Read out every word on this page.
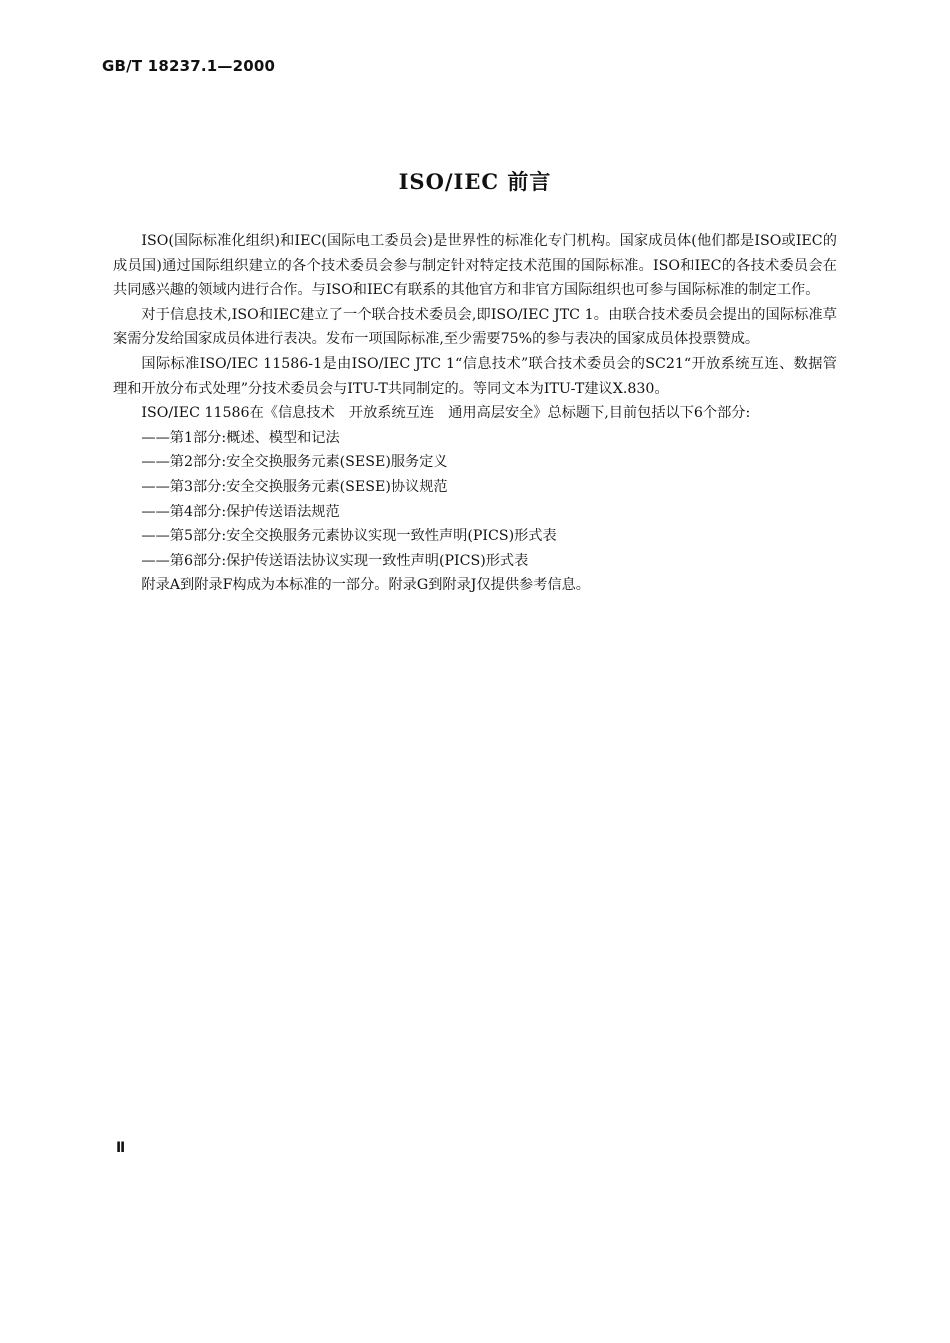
GB/T 18237.1—2000
ISO/IEC 前言

ISO(国际标准化组织)和IEC(国际电工委员会)是世界性的标准化专门机构。国家成员体(他们都是ISO或IEC的成员国)通过国际组织建立的各个技术委员会参与制定针对特定技术范围的国际标准。ISO和IEC的各技术委员会在共同感兴趣的领域内进行合作。与ISO和IEC有联系的其他官方和非官方国际组织也可参与国际标准的制定工作。

对于信息技术,ISO和IEC建立了一个联合技术委员会,即ISO/IEC JTC 1。由联合技术委员会提出的国际标准草案需分发给国家成员体进行表决。发布一项国际标准,至少需要75%的参与表决的国家成员体投票赞成。

国际标准ISO/IEC 11586-1是由ISO/IEC JTC 1“信息技术”联合技术委员会的SC21“开放系统互连、数据管理和开放分布式处理”分技术委员会与ITU-T共同制定的。等同文本为ITU-T建议X.830。

ISO/IEC 11586在《信息技术　开放系统互连　通用高层安全》总标题下,目前包括以下6个部分:

——第1部分:概述、模型和记法

——第2部分:安全交换服务元素(SESE)服务定义

——第3部分:安全交换服务元素(SESE)协议规范

——第4部分:保护传送语法规范

——第5部分:安全交换服务元素协议实现一致性声明(PICS)形式表

——第6部分:保护传送语法协议实现一致性声明(PICS)形式表

附录A到附录F构成为本标准的一部分。附录G到附录J仅提供参考信息。

Ⅱ
